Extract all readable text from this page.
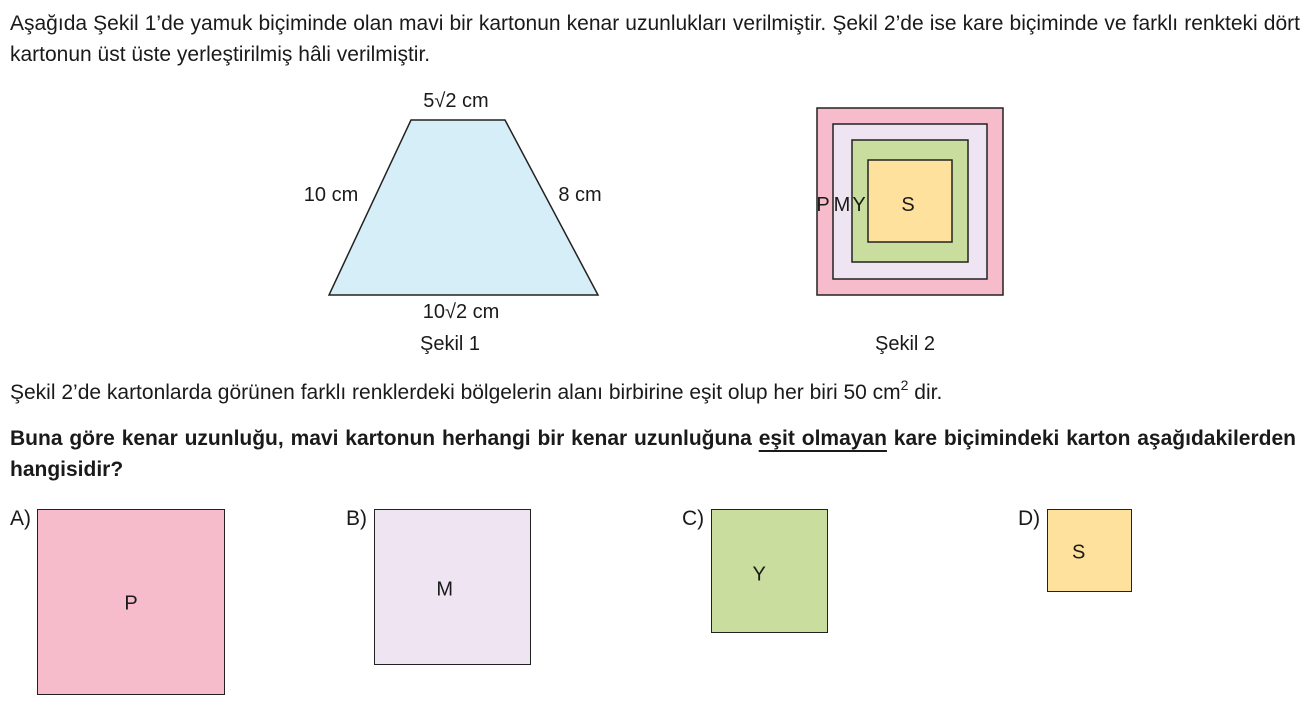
Aşağıda Şekil 1’de yamuk biçiminde olan mavi bir kartonun kenar uzunlukları verilmiştir. Şekil 2’de ise kare biçiminde ve farklı renkteki dört kartonun üst üste yerleştirilmiş hâli verilmiştir.

5√2 cm
10 cm	8 cm
10√2 cm
Şekil 1
P M Y S
Şekil 2

Şekil 2’de kartonlarda görünen farklı renklerdeki bölgelerin alanı birbirine eşit olup her biri 50 $cm^2$ dir.

Buna göre kenar uzunluğu, mavi kartonun herhangi bir kenar uzunluğuna eşit olmayan kare biçimindeki karton aşağıdakilerden hangisidir?

A)
P
B)
M
C)
Y
D)
S
